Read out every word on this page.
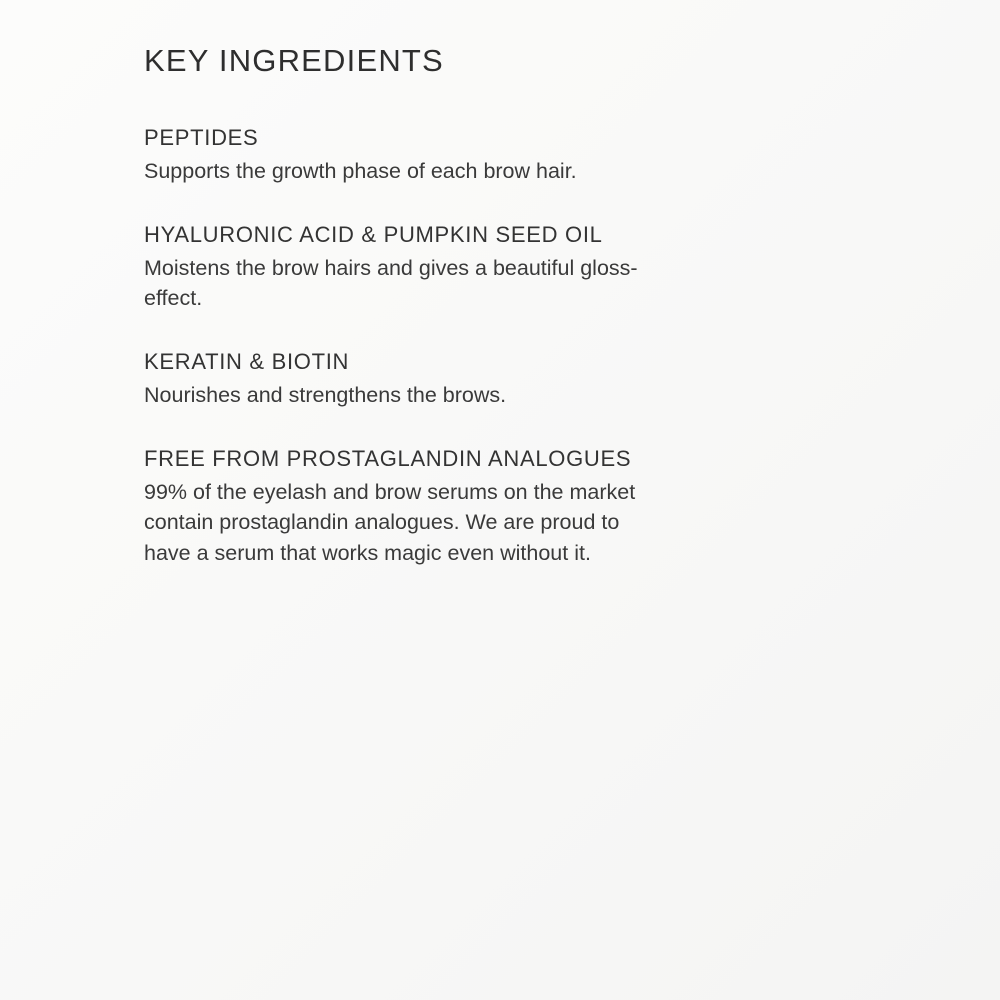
KEY INGREDIENTS
PEPTIDES

Supports the growth phase of each brow hair.

HYALURONIC ACID & PUMPKIN SEED OIL

Moistens the brow hairs and gives a beautiful gloss-effect.

KERATIN & BIOTIN

Nourishes and strengthens the brows.

FREE FROM PROSTAGLANDIN ANALOGUES

99% of the eyelash and brow serums on the market contain prostaglandin analogues. We are proud to have a serum that works magic even without it.
